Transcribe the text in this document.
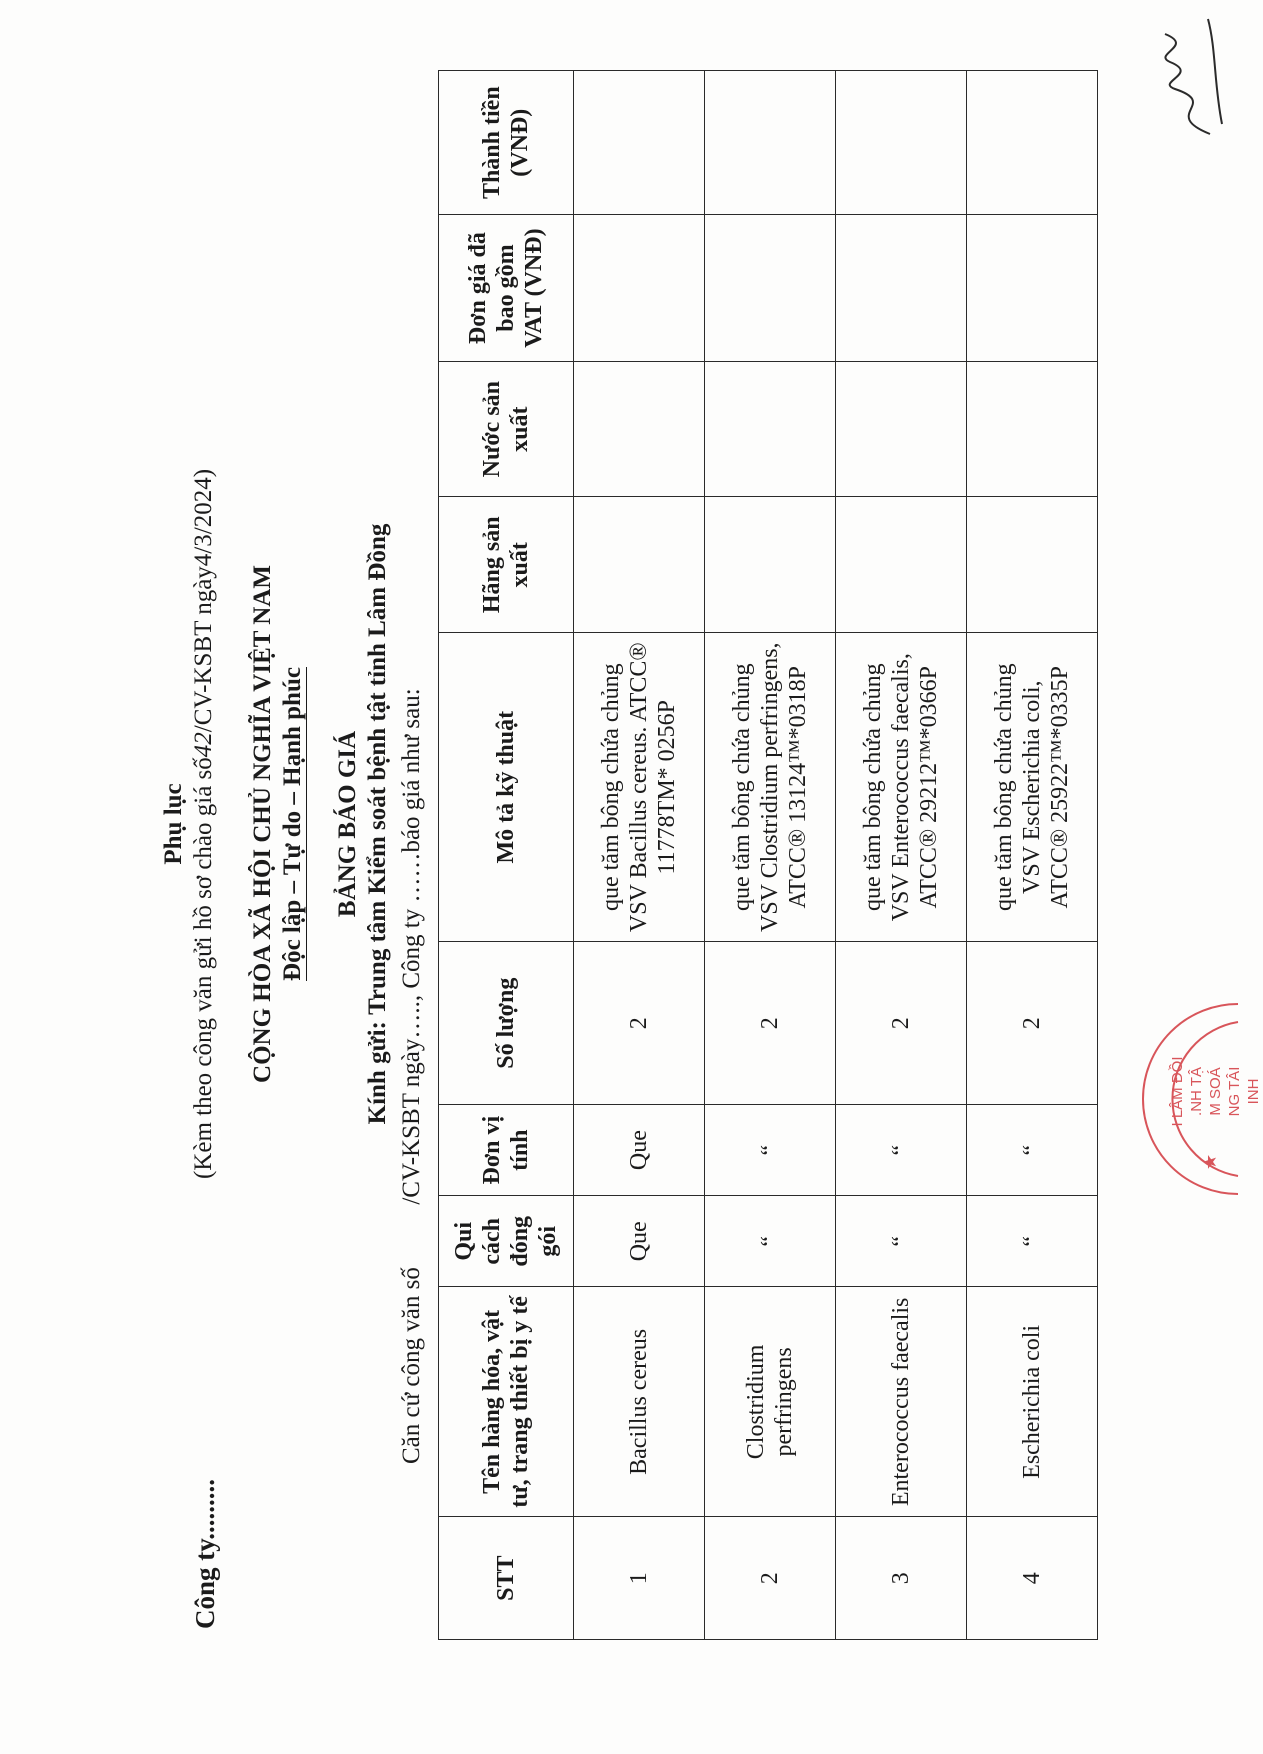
Công ty.........
Phụ lục (Kèm theo công văn gửi hồ sơ chào giá số42/CV-KSBT ngày4/3/2024)
CỘNG HÒA XÃ HỘI CHỦ NGHĨA VIỆT NAM Độc lập – Tự do – Hạnh phúc BẢNG BÁO GIÁ
Kính gửi: Trung tâm Kiểm soát bệnh tật tỉnh Lâm Đồng Căn cứ công văn số          /CV-KSBT ngày….., Công ty ……báo giá như sau:
STT	Tên hàng hóa, vật tư, trang thiết bị y tế	Qui cách đóng gói	Đơn vị tính	Số lượng	Mô tả kỹ thuật	Hãng sản xuất	Nước sản xuất	Đơn giá đã bao gồm VAT (VNĐ)	Thành tiền (VNĐ)
1	Bacillus cereus	Que	Que	2	que tăm bông chứa chủng VSV Bacillus cereus. ATCC® 11778TM* 0256P				
2	Clostridium perfringens	“	“	2	que tăm bông chứa chủng VSV Clostridium perfringens, ATCC® 13124™*0318P				
3	Enterococcus faecalis	“	“	2	que tăm bông chứa chủng VSV Enterococcus faecalis, ATCC® 29212™*0366P				
4	Escherichia coli	“	“	2	que tăm bông chứa chủng VSV Escherichia coli, ATCC® 25922™*0335P				
★
I LÂM ĐỒI .NH TẬ M SOÁ NG TÂI INH
